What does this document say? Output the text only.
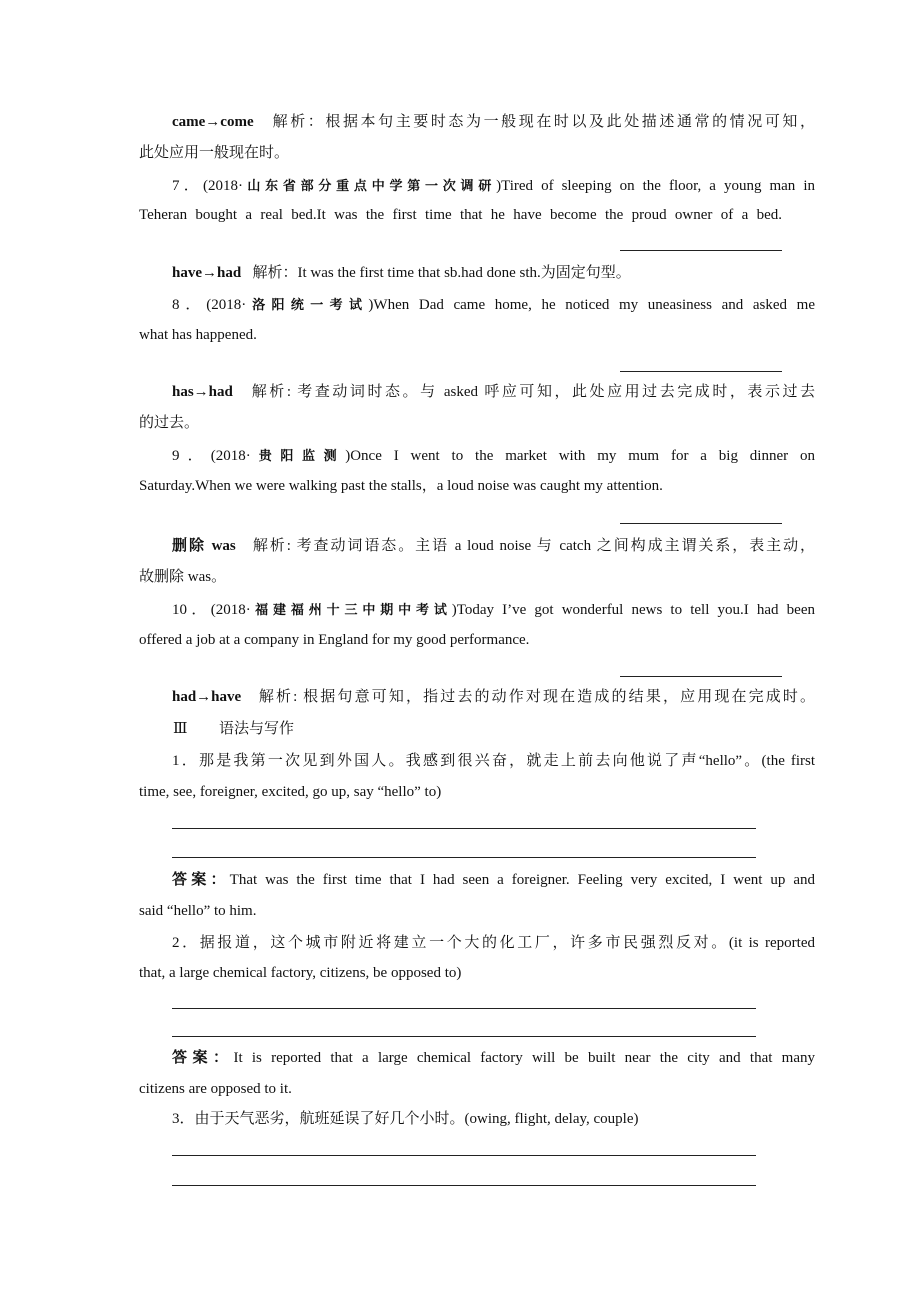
came→come 解析：根据本句主要时态为一般现在时以及此处描述通常的情况可知，
此处应用一般现在时。
7．(2018·山东省部分重点中学第一次调研)Tired of sleeping on the floor, a young man in
Teheran bought a real bed.It was the first time that he have become the proud owner of a bed.
have→had 解析：It was the first time that sb.had done sth.为固定句型。
8．(2018·洛阳统一考试)When Dad came home, he noticed my uneasiness and asked me
what has happened.
has→had 解析: 考查动词时态。与 asked 呼应可知，此处应用过去完成时，表示过去
的过去。
9．(2018·贵阳监测)Once I went to the market with my mum for a big dinner on
Saturday.When we were walking past the stalls，a loud noise was caught my attention.
删除 was 解析: 考查动词语态。主语 a loud noise 与 catch 之间构成主谓关系，表主动，
故删除 was。
10．(2018·福建福州十三中期中考试)Today I’ve got wonderful news to tell you.I had been
offered a job at a company in England for my good performance.
had→have 解析: 根据句意可知，指过去的动作对现在造成的结果，应用现在完成时。
Ⅲ 语法与写作
1．那是我第一次见到外国人。我感到很兴奋，就走上前去向他说了声“hello”。(the first
time, see, foreigner, excited, go up, say “hello” to)
答案：That was the first time that I had seen a foreigner. Feeling very excited, I went up and
said “hello” to him.
2．据报道，这个城市附近将建立一个大的化工厂，许多市民强烈反对。(it is reported
that, a large chemical factory, citizens, be opposed to)
答案：It is reported that a large chemical factory will be built near the city and that many
citizens are opposed to it.
3．由于天气恶劣，航班延误了好几个小时。(owing, flight, delay, couple)
